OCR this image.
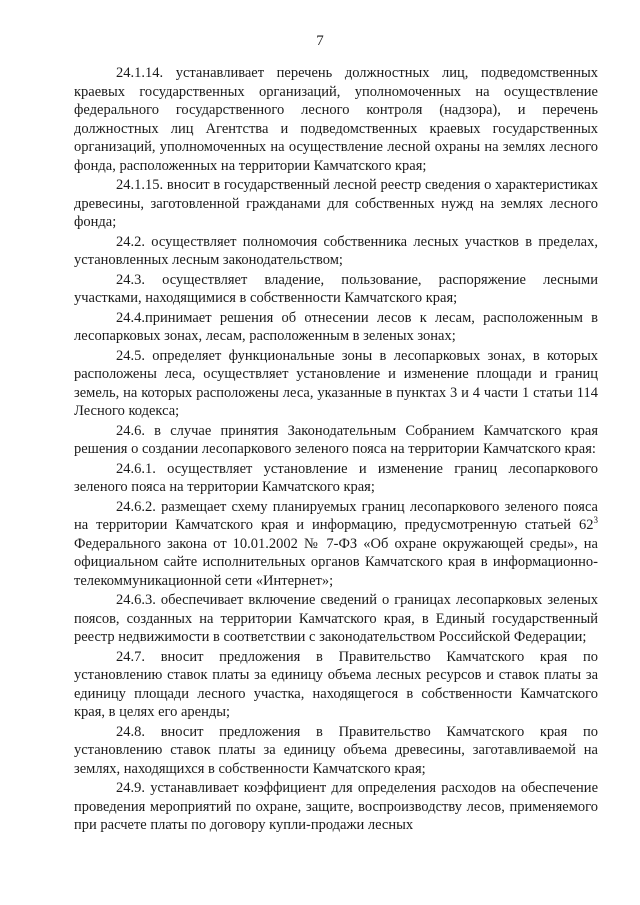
7

24.1.14. устанавливает перечень должностных лиц, подведомственных краевых государственных организаций, уполномоченных на осуществление федерального государственного лесного контроля (надзора), и перечень должностных лиц Агентства и подведомственных краевых государственных организаций, уполномоченных на осуществление лесной охраны на землях лесного фонда, расположенных на территории Камчатского края;

24.1.15. вносит в государственный лесной реестр сведения о характеристиках древесины, заготовленной гражданами для собственных нужд на землях лесного фонда;

24.2. осуществляет полномочия собственника лесных участков в пределах, установленных лесным законодательством;

24.3. осуществляет владение, пользование, распоряжение лесными участками, находящимися в собственности Камчатского края;

24.4.принимает решения об отнесении лесов к лесам, расположенным в лесопарковых зонах, лесам, расположенным в зеленых зонах;

24.5. определяет функциональные зоны в лесопарковых зонах, в которых расположены леса, осуществляет установление и изменение площади и границ земель, на которых расположены леса, указанные в пунктах 3 и 4 части 1 статьи 114 Лесного кодекса;

24.6. в случае принятия Законодательным Собранием Камчатского края решения о создании лесопаркового зеленого пояса на территории Камчатского края:

24.6.1. осуществляет установление и изменение границ лесопаркового зеленого пояса на территории Камчатского края;

24.6.2. размещает схему планируемых границ лесопаркового зеленого пояса на территории Камчатского края и информацию, предусмотренную статьей $62^3$ Федерального закона от 10.01.2002 № 7-ФЗ «Об охране окружающей среды», на официальном сайте исполнительных органов Камчатского края в информационно-телекоммуникационной сети «Интернет»;

24.6.3. обеспечивает включение сведений о границах лесопарковых зеленых поясов, созданных на территории Камчатского края, в Единый государственный реестр недвижимости в соответствии с законодательством Российской Федерации;

24.7. вносит предложения в Правительство Камчатского края по установлению ставок платы за единицу объема лесных ресурсов и ставок платы за единицу площади лесного участка, находящегося в собственности Камчатского края, в целях его аренды;

24.8. вносит предложения в Правительство Камчатского края по установлению ставок платы за единицу объема древесины, заготавливаемой на землях, находящихся в собственности Камчатского края;

24.9. устанавливает коэффициент для определения расходов на обеспечение проведения мероприятий по охране, защите, воспроизводству лесов, применяемого при расчете платы по договору купли-продажи лесных
